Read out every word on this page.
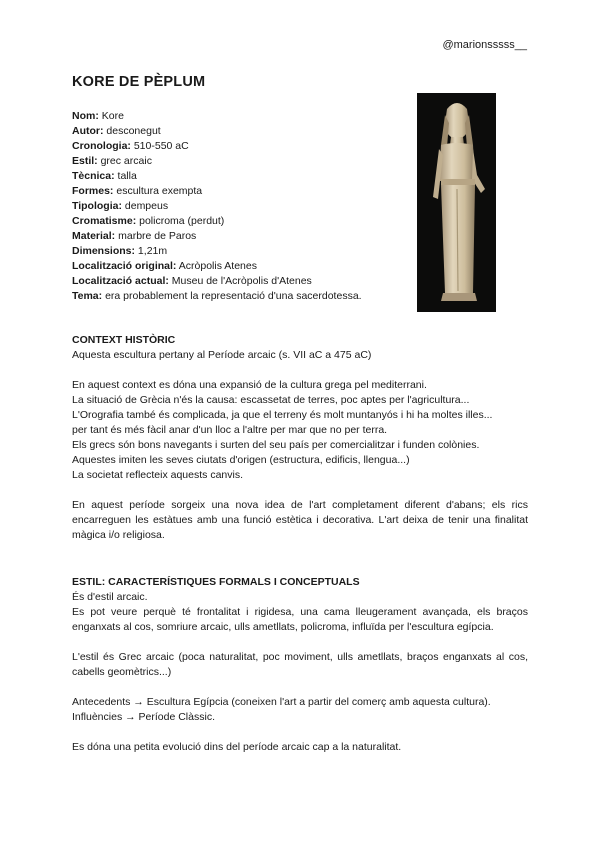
@marionsssss__
KORE DE PÈPLUM
Nom: Kore
Autor: desconegut
Cronologia: 510-550 aC
Estil: grec arcaic
Tècnica: talla
Formes: escultura exempta
Tipologia: dempeus
Cromatisme: policroma (perdut)
Material: marbre de Paros
Dimensions: 1,21m
Localització original: Acròpolis Atenes
Localització actual: Museu de l'Acròpolis d'Atenes
Tema: era probablement la representació d'una sacerdotessa.
CONTEXT HISTÒRIC

Aquesta escultura pertany al Període arcaic (s. VII aC a 475 aC)

En aquest context es dóna una expansió de la cultura grega pel mediterrani.
La situació de Grècia n'és la causa: escassetat de terres, poc aptes per l'agricultura...
L'Orografia també és complicada, ja que el terreny és molt muntanyós i hi ha moltes illes...
per tant és més fàcil anar d'un lloc a l'altre per mar que no per terra.
Els grecs són bons navegants i surten del seu país per comercialitzar i funden colònies.
Aquestes imiten les seves ciutats d'origen (estructura, edificis, llengua...)
La societat reflecteix aquests canvis.

En aquest període sorgeix una nova idea de l'art completament diferent d'abans; els rics encarreguen les estàtues amb una funció estètica i decorativa. L'art deixa de tenir una finalitat màgica i/o religiosa.

ESTIL: CARACTERÍSTIQUES FORMALS I CONCEPTUALS
És d'estil arcaic.

Es pot veure perquè té frontalitat i rigidesa, una cama lleugerament avançada, els braços enganxats al cos, somriure arcaic, ulls ametllats, policroma, influïda per l'escultura egípcia.

L'estil és Grec arcaic (poca naturalitat, poc moviment, ulls ametllats, braços enganxats al cos, cabells geomètrics...)

Antecedents → Escultura Egípcia (coneixen l'art a partir del comerç amb aquesta cultura).

Influències → Període Clàssic.

Es dóna una petita evolució dins del període arcaic cap a la naturalitat.
